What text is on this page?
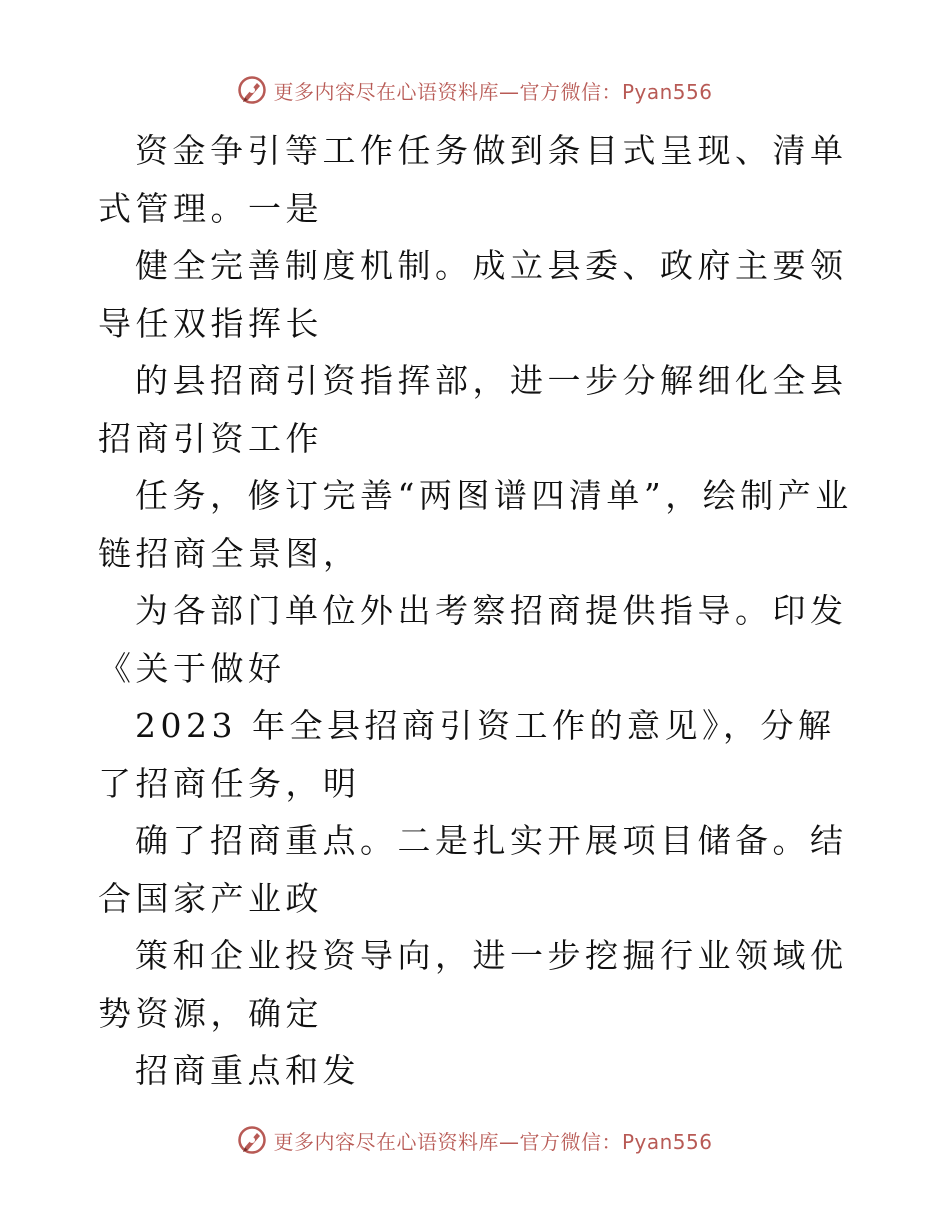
更多内容尽在心语资料库—官方微信：Pyan556

资金争引等工作任务做到条目式呈现、清单式管理。一是

健全完善制度机制。成立县委、政府主要领导任双指挥长

的县招商引资指挥部，进一步分解细化全县招商引资工作

任务，修订完善“两图谱四清单”，绘制产业链招商全景图，

为各部门单位外出考察招商提供指导。印发《关于做好

2023 年全县招商引资工作的意见》，分解了招商任务，明

确了招商重点。二是扎实开展项目储备。结合国家产业政

策和企业投资导向，进一步挖掘行业领域优势资源，确定

招商重点和发

更多内容尽在心语资料库—官方微信：Pyan556
